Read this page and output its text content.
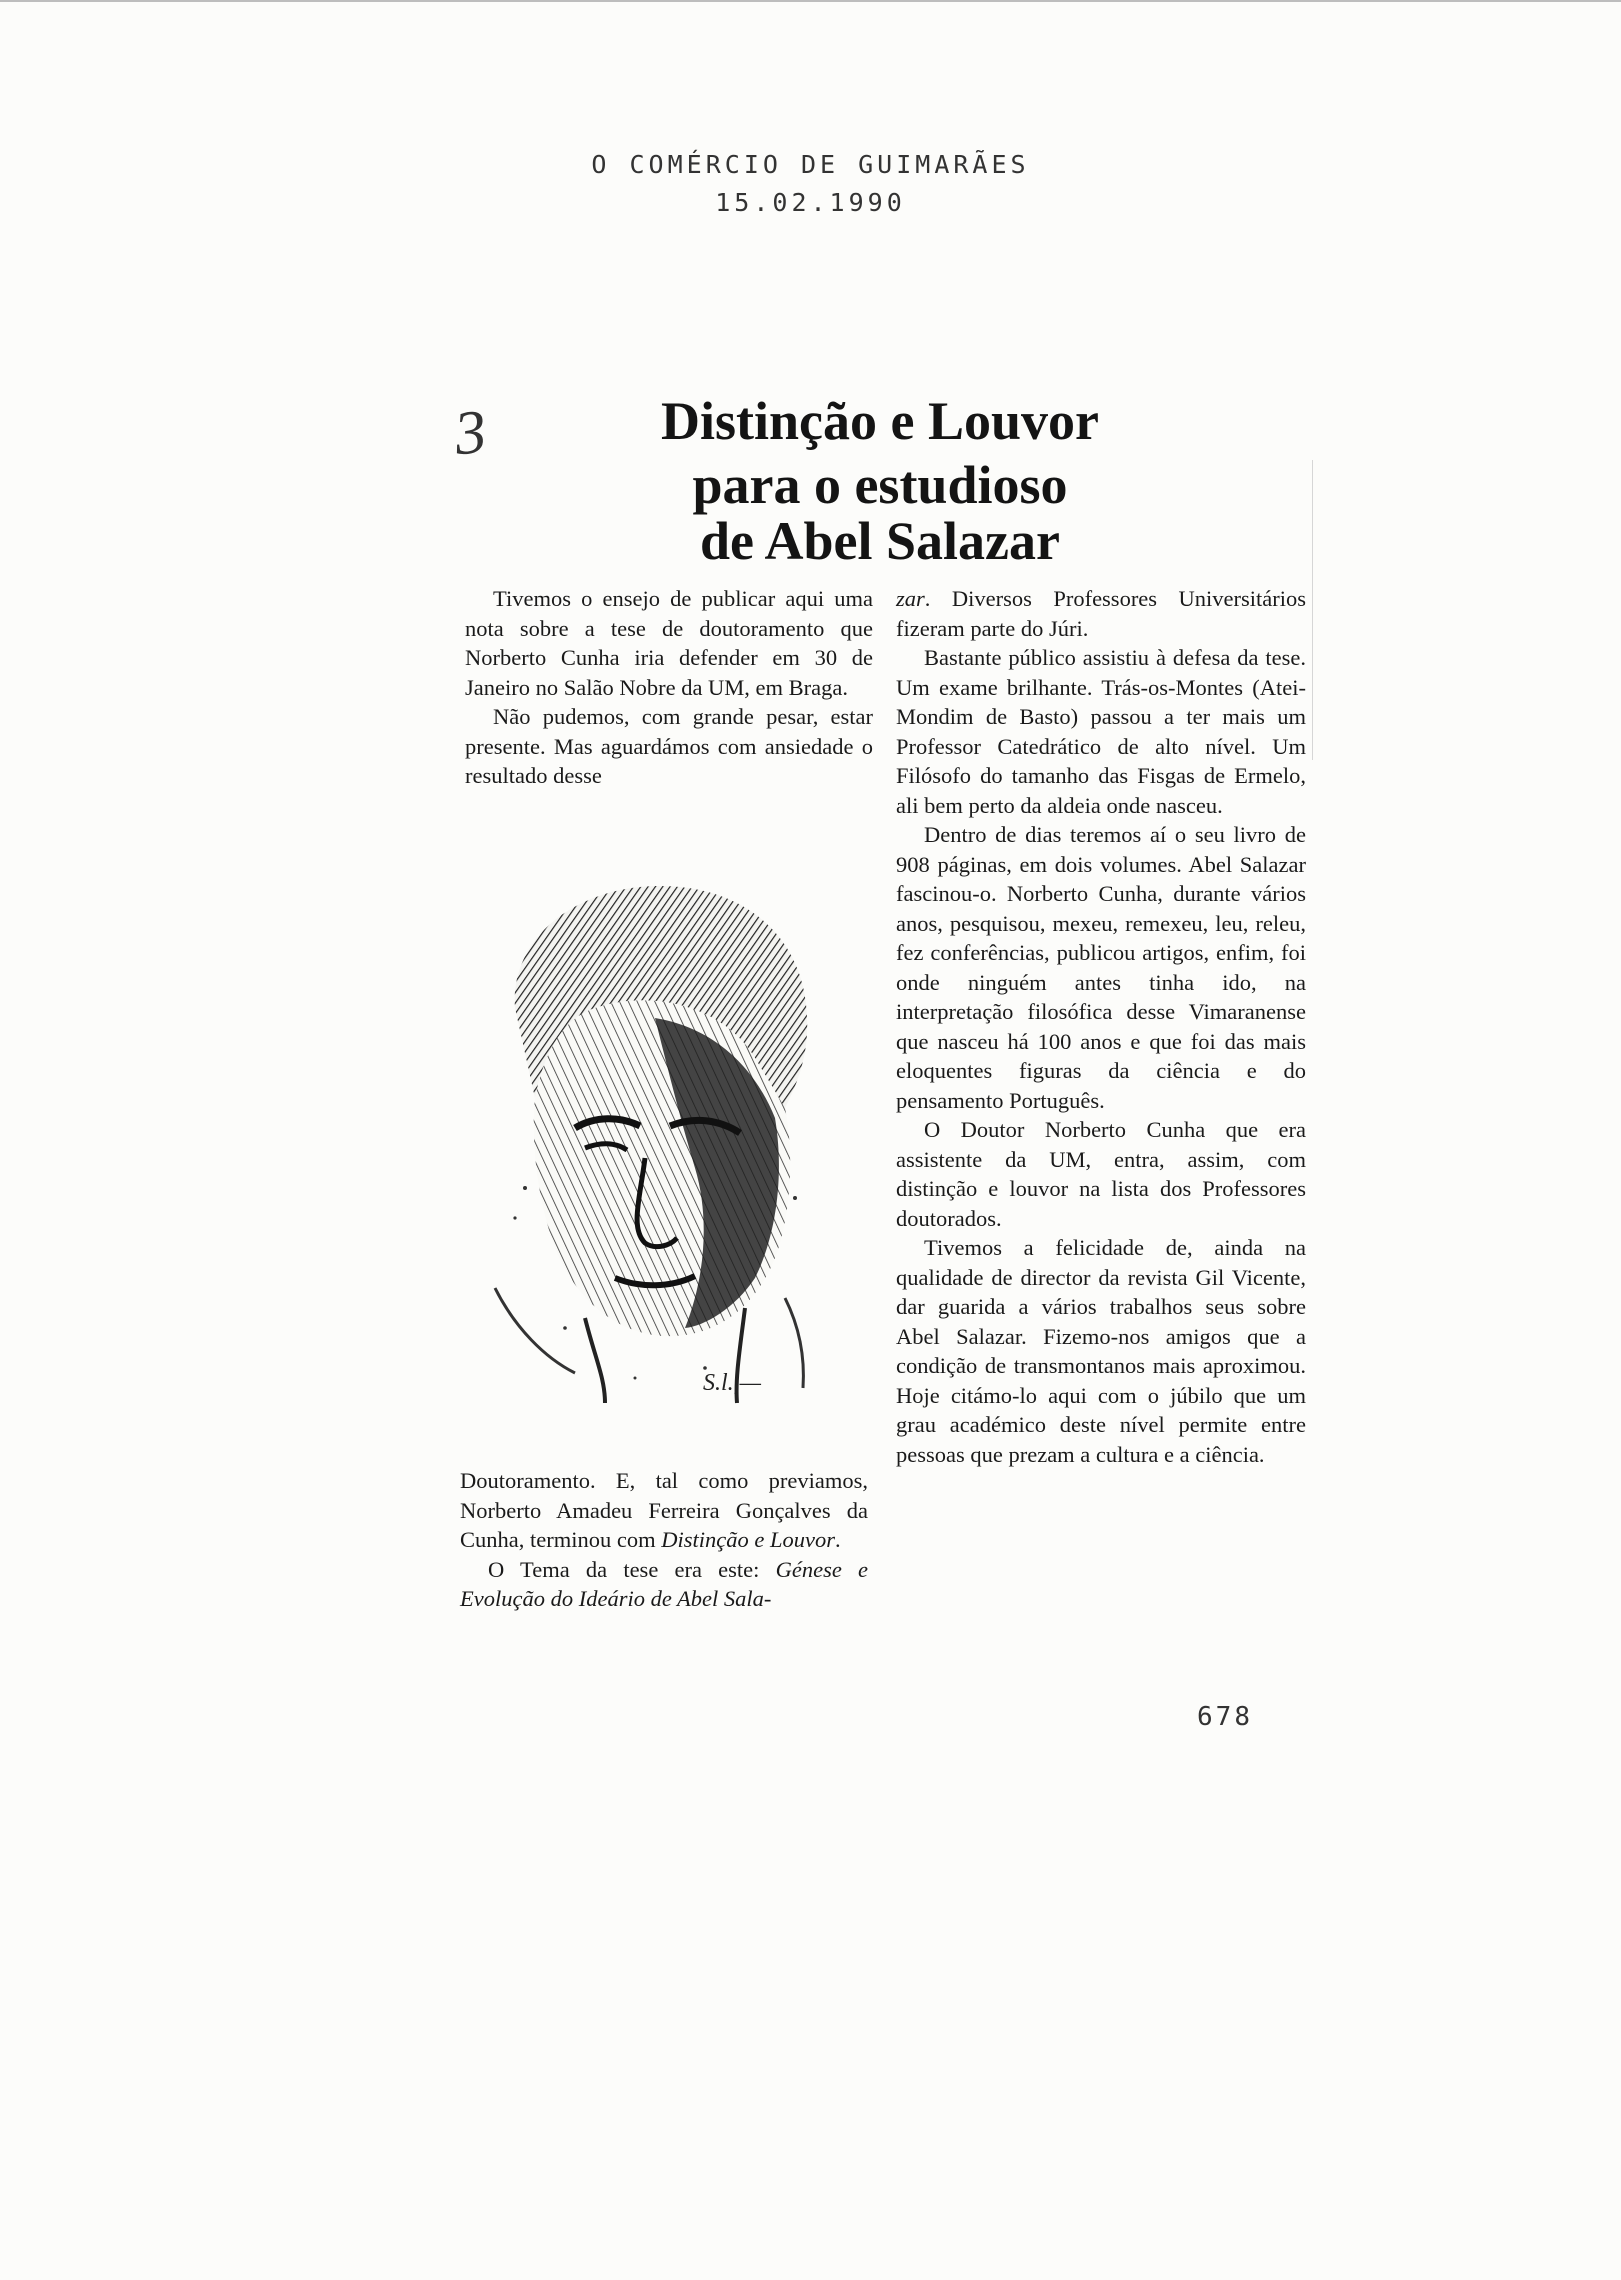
O COMÉRCIO DE GUIMARÃES
15.02.1990
3	Distinção e Louvor
para o estudioso
de Abel Salazar

Tivemos o ensejo de publicar aqui uma nota sobre a tese de doutoramento que Norberto Cunha iria defender em 30 de Janeiro no Salão Nobre da UM, em Braga.

Não pudemos, com grande pesar, estar presente. Mas aguardámos com ansiedade o resultado desse

S.l.,—

Doutoramento. E, tal como previamos, Norberto Amadeu Ferreira Gonçalves da Cunha, terminou com Distinção e Louvor.

O Tema da tese era este: Génese e Evolução do Ideário de Abel Sala-

zar. Diversos Professores Universitários fizeram parte do Júri.

Bastante público assistiu à defesa da tese. Um exame brilhante. Trás-os-Montes (Atei-Mondim de Basto) passou a ter mais um Professor Catedrático de alto nível. Um Filósofo do tamanho das Fisgas de Ermelo, ali bem perto da aldeia onde nasceu.

Dentro de dias teremos aí o seu livro de 908 páginas, em dois volumes. Abel Salazar fascinou-o. Norberto Cunha, durante vários anos, pesquisou, mexeu, remexeu, leu, releu, fez conferências, publicou artigos, enfim, foi onde ninguém antes tinha ido, na interpretação filosófica desse Vimaranense que nasceu há 100 anos e que foi das mais eloquentes figuras da ciência e do pensamento Português.

O Doutor Norberto Cunha que era assistente da UM, entra, assim, com distinção e louvor na lista dos Professores doutorados.

Tivemos a felicidade de, ainda na qualidade de director da revista Gil Vicente, dar guarida a vários trabalhos seus sobre Abel Salazar. Fizemo-nos amigos que a condição de transmontanos mais aproximou. Hoje citámo-lo aqui com o júbilo que um grau académico deste nível permite entre pessoas que prezam a cultura e a ciência.

678
